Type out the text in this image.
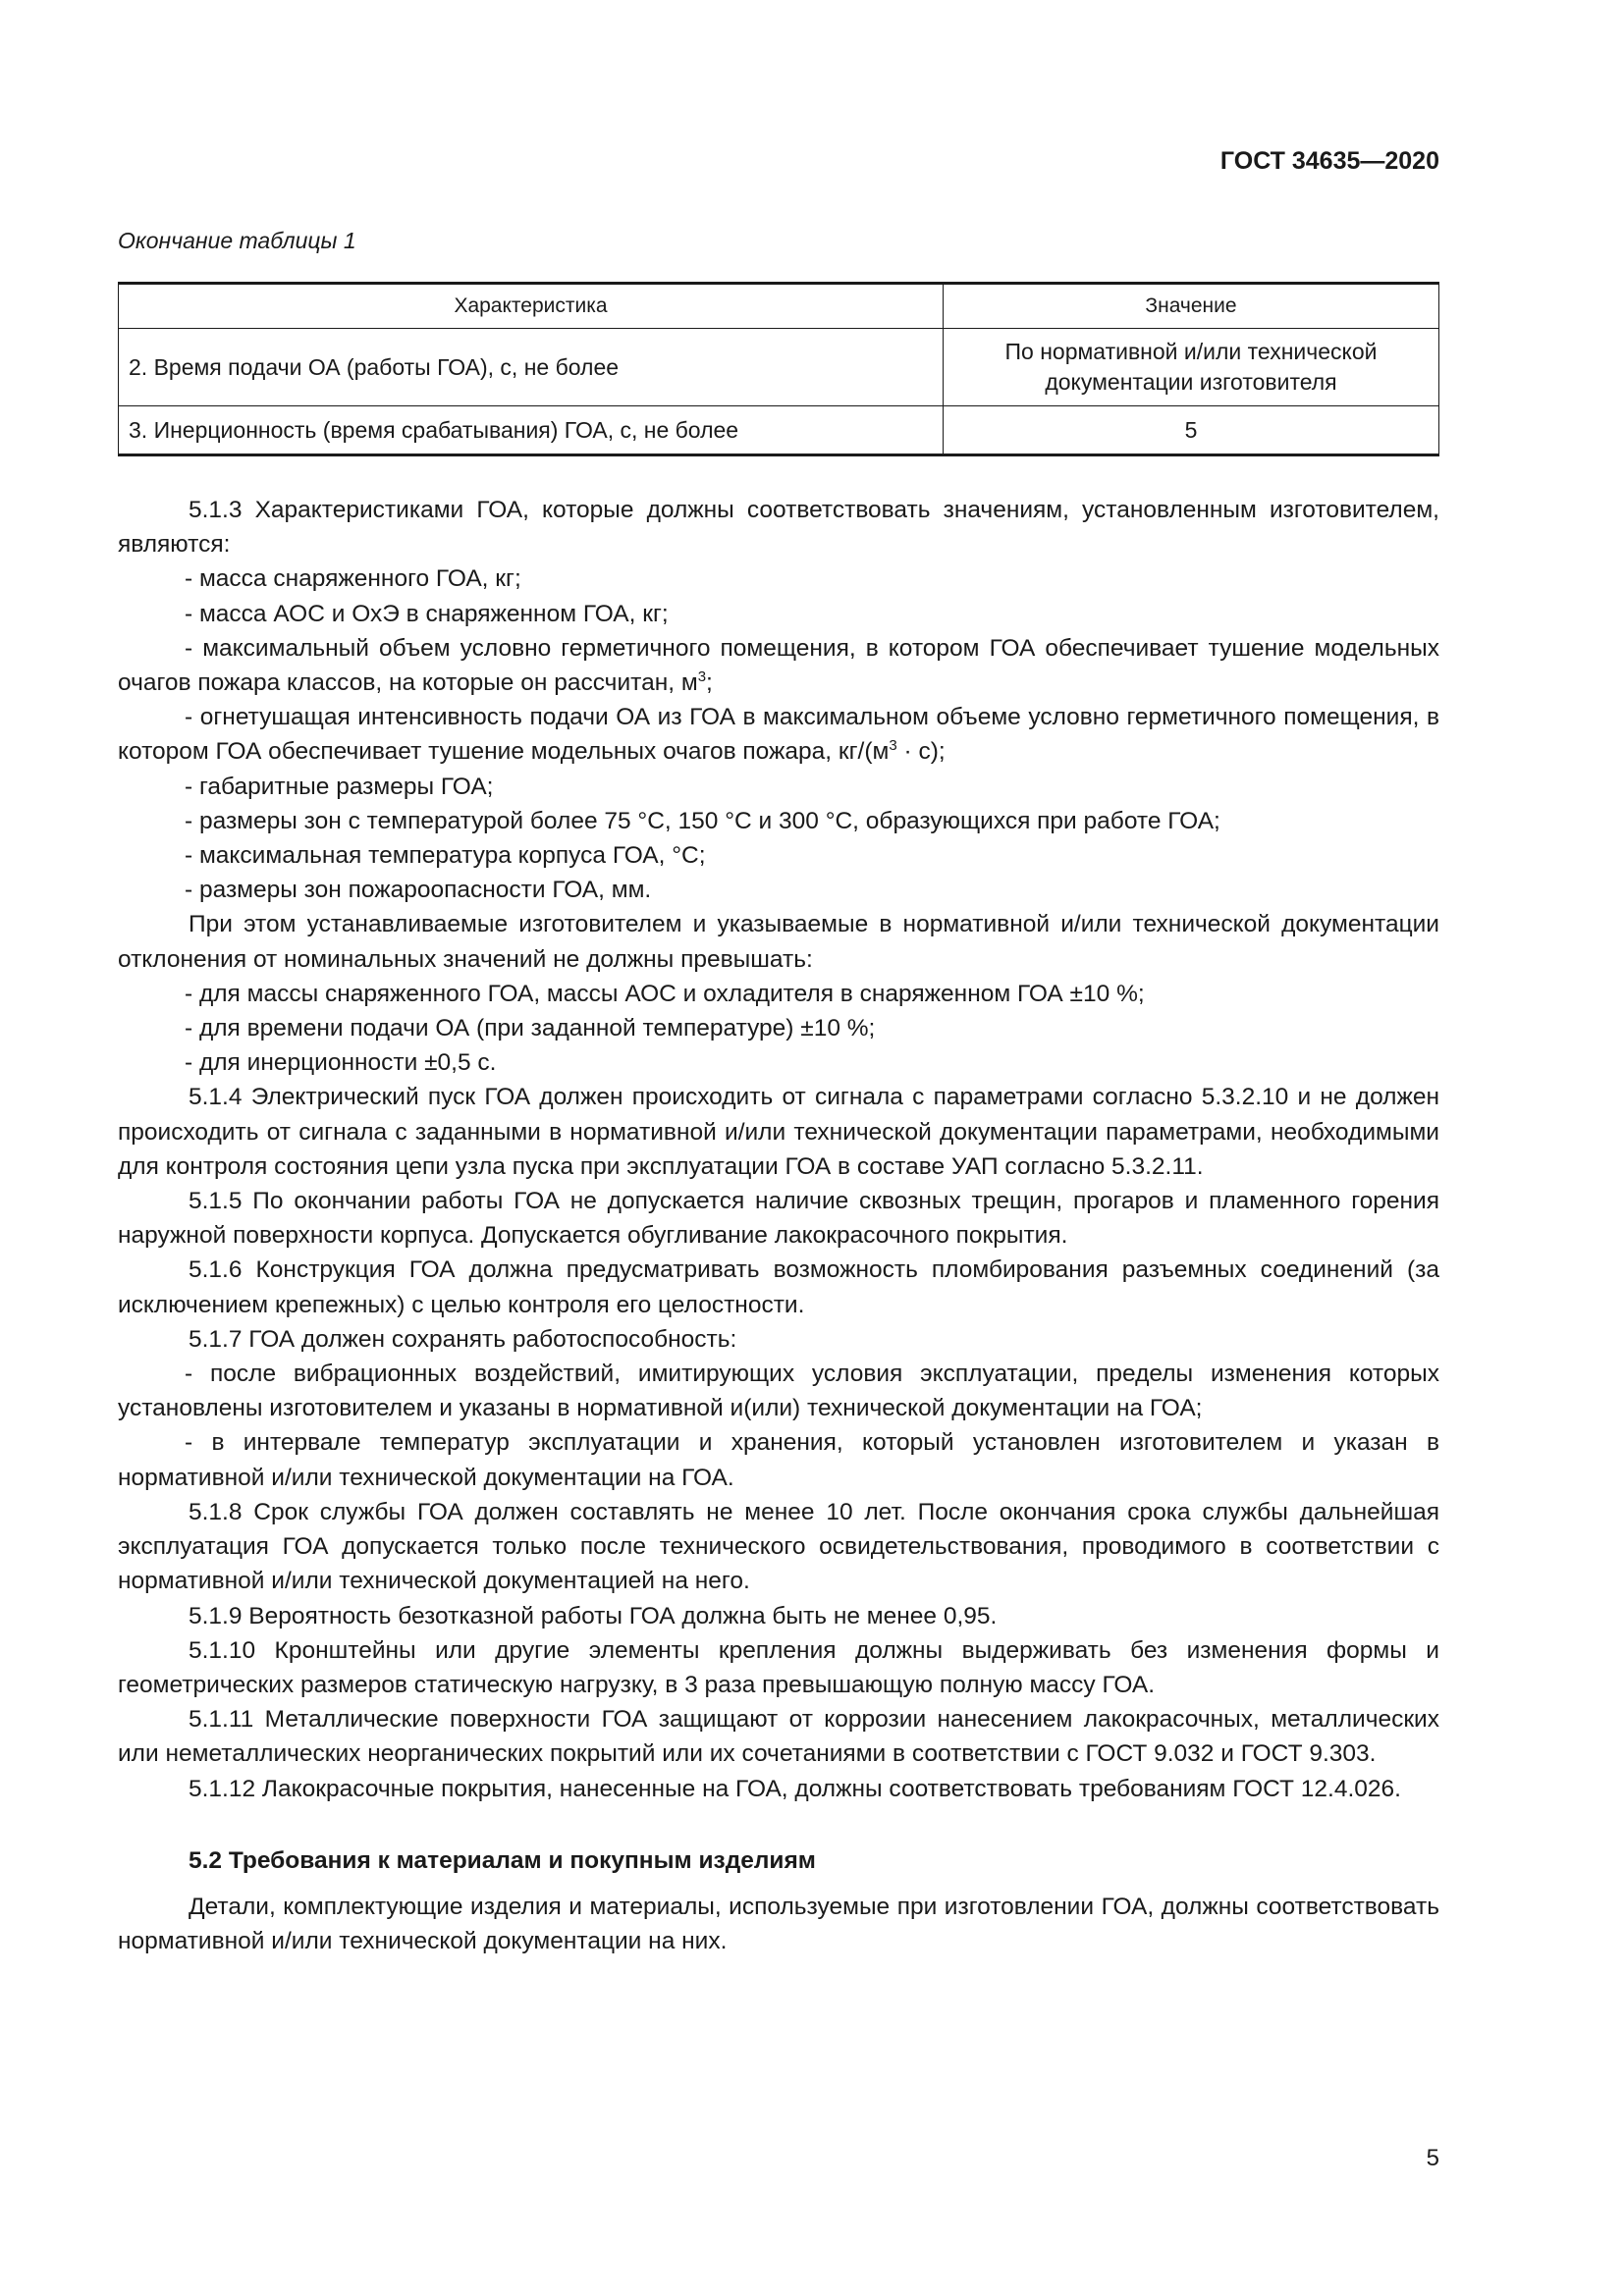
ГОСТ 34635—2020
Окончание таблицы 1
Характеристика	Значение
2. Время подачи ОА (работы ГОА), с, не более	По нормативной и/или технической
документации изготовителя
3. Инерционность (время срабатывания) ГОА, с, не более	5

5.1.3 Характеристиками ГОА, которые должны соответствовать значениям, установленным изготовителем, являются:

- масса снаряженного ГОА, кг;

- масса АОС и ОхЭ в снаряженном ГОА, кг;

- максимальный объем условно герметичного помещения, в котором ГОА обеспечивает тушение модельных очагов пожара классов, на которые он рассчитан, $м^3$;

- огнетушащая интенсивность подачи ОА из ГОА в максимальном объеме условно герметичного помещения, в котором ГОА обеспечивает тушение модельных очагов пожара, $кг/(м^3 \cdot с)$;

- габаритные размеры ГОА;

- размеры зон с температурой более 75 °С, 150 °С и 300 °С, образующихся при работе ГОА;

- максимальная температура корпуса ГОА, °С;

- размеры зон пожароопасности ГОА, мм.

При этом устанавливаемые изготовителем и указываемые в нормативной и/или технической документации отклонения от номинальных значений не должны превышать:

- для массы снаряженного ГОА, массы АОС и охладителя в снаряженном ГОА ±10 %;

- для времени подачи ОА (при заданной температуре) ±10 %;

- для инерционности ±0,5 с.

5.1.4 Электрический пуск ГОА должен происходить от сигнала с параметрами согласно 5.3.2.10 и не должен происходить от сигнала с заданными в нормативной и/или технической документации параметрами, необходимыми для контроля состояния цепи узла пуска при эксплуатации ГОА в составе УАП согласно 5.3.2.11.

5.1.5 По окончании работы ГОА не допускается наличие сквозных трещин, прогаров и пламенного горения наружной поверхности корпуса. Допускается обугливание лакокрасочного покрытия.

5.1.6 Конструкция ГОА должна предусматривать возможность пломбирования разъемных соединений (за исключением крепежных) с целью контроля его целостности.

5.1.7 ГОА должен сохранять работоспособность:

- после вибрационных воздействий, имитирующих условия эксплуатации, пределы изменения которых установлены изготовителем и указаны в нормативной и(или) технической документации на ГОА;

- в интервале температур эксплуатации и хранения, который установлен изготовителем и указан в нормативной и/или технической документации на ГОА.

5.1.8 Срок службы ГОА должен составлять не менее 10 лет. После окончания срока службы дальнейшая эксплуатация ГОА допускается только после технического освидетельствования, проводимого в соответствии с нормативной и/или технической документацией на него.

5.1.9 Вероятность безотказной работы ГОА должна быть не менее 0,95.

5.1.10 Кронштейны или другие элементы крепления должны выдерживать без изменения формы и геометрических размеров статическую нагрузку, в 3 раза превышающую полную массу ГОА.

5.1.11 Металлические поверхности ГОА защищают от коррозии нанесением лакокрасочных, металлических или неметаллических неорганических покрытий или их сочетаниями в соответствии с ГОСТ 9.032 и ГОСТ 9.303.

5.1.12 Лакокрасочные покрытия, нанесенные на ГОА, должны соответствовать требованиям ГОСТ 12.4.026.

5.2 Требования к материалам и покупным изделиям

Детали, комплектующие изделия и материалы, используемые при изготовлении ГОА, должны соответствовать нормативной и/или технической документации на них.

5
